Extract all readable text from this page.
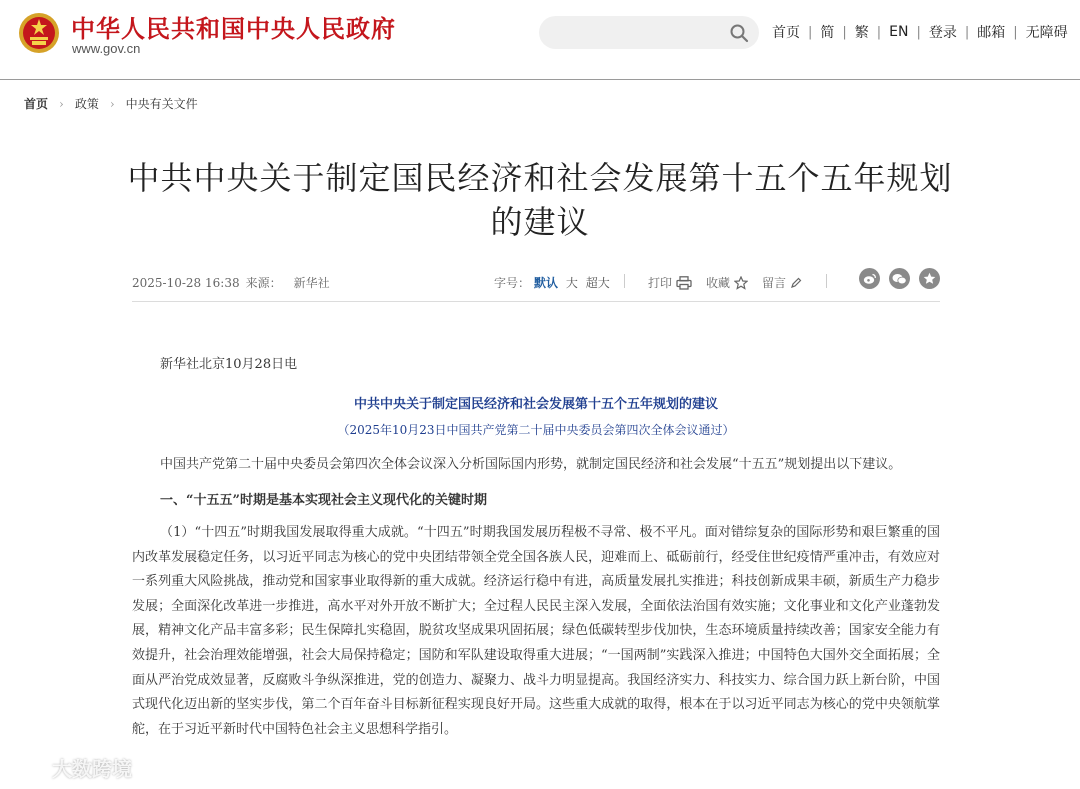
中华人民共和国中央人民政府
www.gov.cn
首页 | 简 | 繁 | EN | 登录 | 邮箱 | 无障碍
首页 › 政策 › 中央有关文件
中共中央关于制定国民经济和社会发展第十五个五年规划的建议
2025-10-28 16:38 来源： 新华社	字号： 默认 大 超大	打印	收藏	留言

新华社北京10月28日电

中共中央关于制定国民经济和社会发展第十五个五年规划的建议

（2025年10月23日中国共产党第二十届中央委员会第四次全体会议通过）

中国共产党第二十届中央委员会第四次全体会议深入分析国际国内形势，就制定国民经济和社会发展“十五五”规划提出以下建议。

一、“十五五”时期是基本实现社会主义现代化的关键时期

（1）“十四五”时期我国发展取得重大成就。“十四五”时期我国发展历程极不寻常、极不平凡。面对错综复杂的国际形势和艰巨繁重的国内改革发展稳定任务，以习近平同志为核心的党中央团结带领全党全国各族人民，迎难而上、砥砺前行，经受住世纪疫情严重冲击，有效应对一系列重大风险挑战，推动党和国家事业取得新的重大成就。经济运行稳中有进，高质量发展扎实推进；科技创新成果丰硕，新质生产力稳步发展；全面深化改革进一步推进，高水平对外开放不断扩大；全过程人民民主深入发展，全面依法治国有效实施；文化事业和文化产业蓬勃发展，精神文化产品丰富多彩；民生保障扎实稳固，脱贫攻坚成果巩固拓展；绿色低碳转型步伐加快，生态环境质量持续改善；国家安全能力有效提升，社会治理效能增强，社会大局保持稳定；国防和军队建设取得重大进展；“一国两制”实践深入推进；中国特色大国外交全面拓展；全面从严治党成效显著，反腐败斗争纵深推进，党的创造力、凝聚力、战斗力明显提高。我国经济实力、科技实力、综合国力跃上新台阶，中国式现代化迈出新的坚实步伐，第二个百年奋斗目标新征程实现良好开局。这些重大成就的取得，根本在于以习近平同志为核心的党中央领航掌舵，在于习近平新时代中国特色社会主义思想科学指引。

大数跨境
